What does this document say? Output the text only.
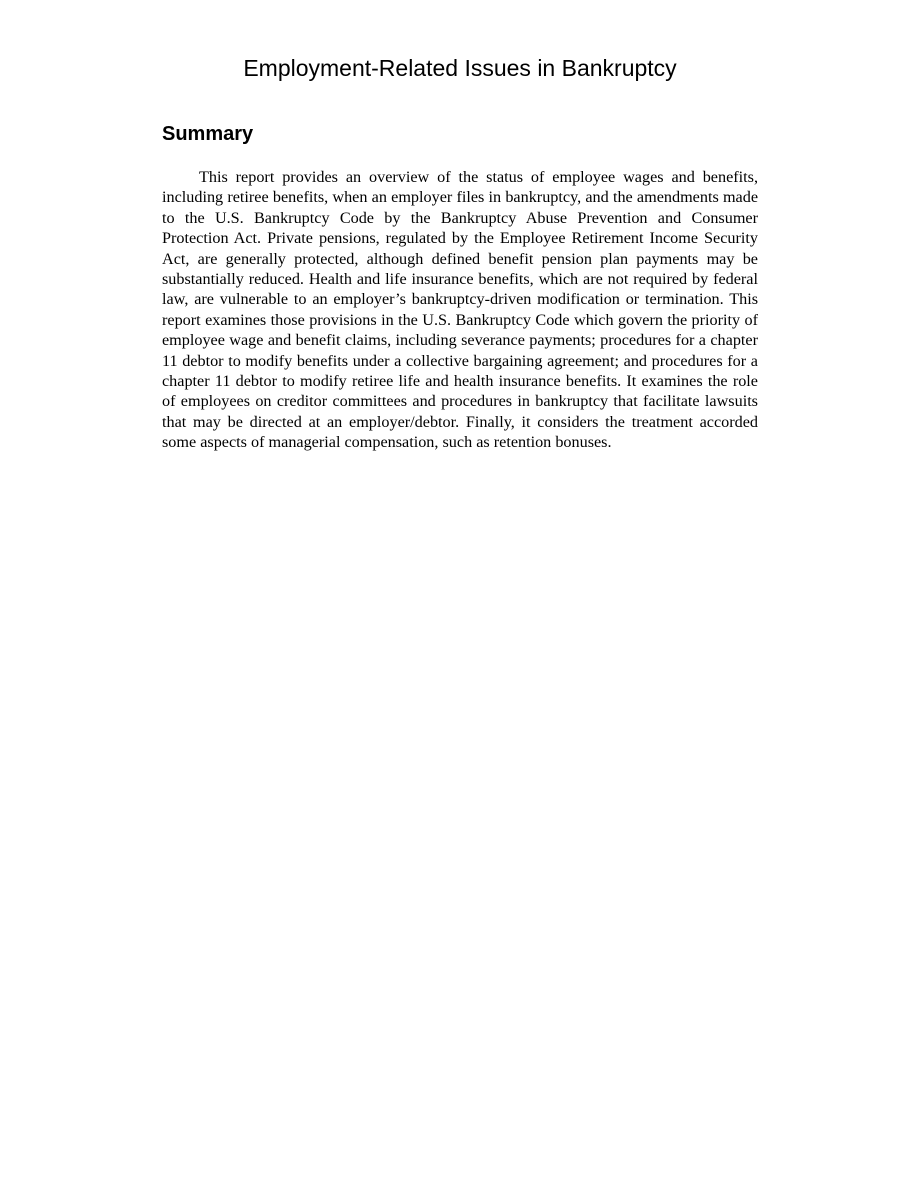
Employment-Related Issues in Bankruptcy
Summary

This report provides an overview of the status of employee wages and benefits, including retiree benefits, when an employer files in bankruptcy, and the amendments made to the U.S. Bankruptcy Code by the Bankruptcy Abuse Prevention and Consumer Protection Act. Private pensions, regulated by the Employee Retirement Income Security Act, are generally protected, although defined benefit pension plan payments may be substantially reduced. Health and life insurance benefits, which are not required by federal law, are vulnerable to an employer’s bankruptcy-driven modification or termination. This report examines those provisions in the U.S. Bankruptcy Code which govern the priority of employee wage and benefit claims, including severance payments; procedures for a chapter 11 debtor to modify benefits under a collective bargaining agreement; and procedures for a chapter 11 debtor to modify retiree life and health insurance benefits. It examines the role of employees on creditor committees and procedures in bankruptcy that facilitate lawsuits that may be directed at an employer/debtor. Finally, it considers the treatment accorded some aspects of managerial compensation, such as retention bonuses.
